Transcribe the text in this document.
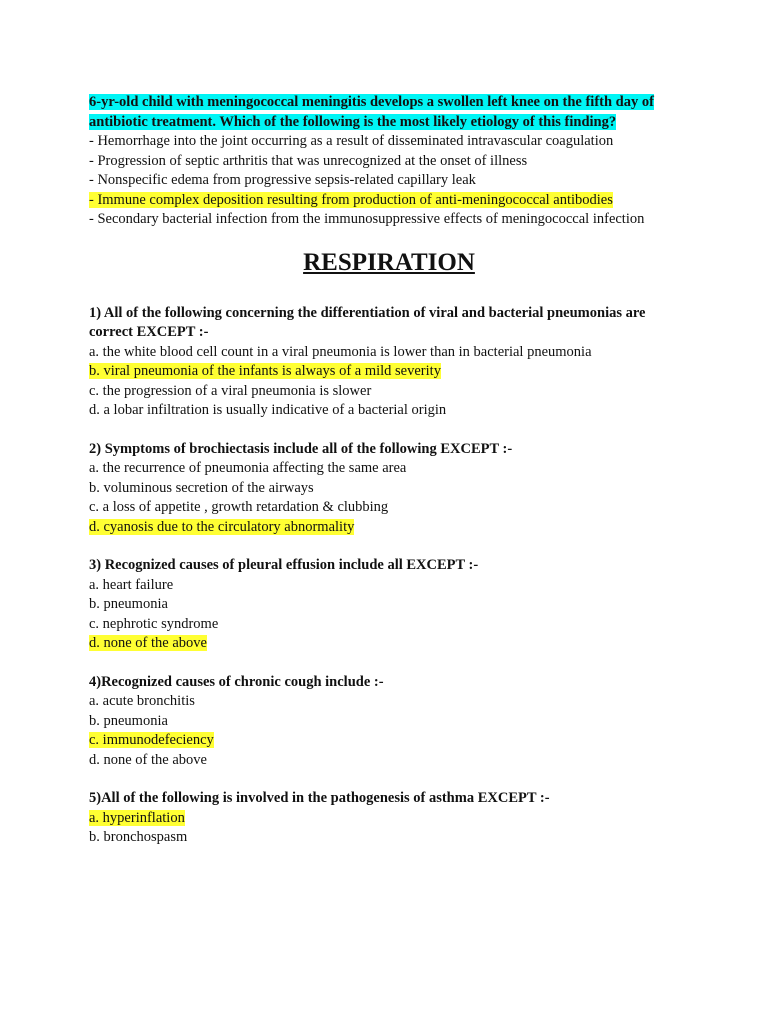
6-yr-old child with meningococcal meningitis develops a swollen left knee on the fifth day of antibiotic treatment. Which of the following is the most likely etiology of this finding?
- Hemorrhage into the joint occurring as a result of disseminated intravascular coagulation
- Progression of septic arthritis that was unrecognized at the onset of illness
- Nonspecific edema from progressive sepsis-related capillary leak
- Immune complex deposition resulting from production of anti-meningococcal antibodies
- Secondary bacterial infection from the immunosuppressive effects of meningococcal infection
RESPIRATION
1) All of the following concerning the differentiation of viral and bacterial pneumonias are correct EXCEPT :-
a. the white blood cell count in a viral pneumonia is lower than in bacterial pneumonia
b. viral pneumonia of the infants is always of a mild severity
c. the progression of a viral pneumonia is slower
d. a lobar infiltration is usually indicative of a bacterial origin
2) Symptoms of brochiectasis include all of the following EXCEPT :-
a. the recurrence of pneumonia affecting the same area
b. voluminous secretion of the airways
c. a loss of appetite , growth retardation & clubbing
d. cyanosis due to the circulatory abnormality
3) Recognized causes of pleural effusion include all EXCEPT :-
a. heart failure
b. pneumonia
c. nephrotic syndrome
d. none of the above
4)Recognized causes of chronic cough include :-
a. acute bronchitis
b. pneumonia
c. immunodefeciency
d. none of the above
5)All of the following is involved in the pathogenesis of asthma EXCEPT :-
a. hyperinflation
b. bronchospasm
